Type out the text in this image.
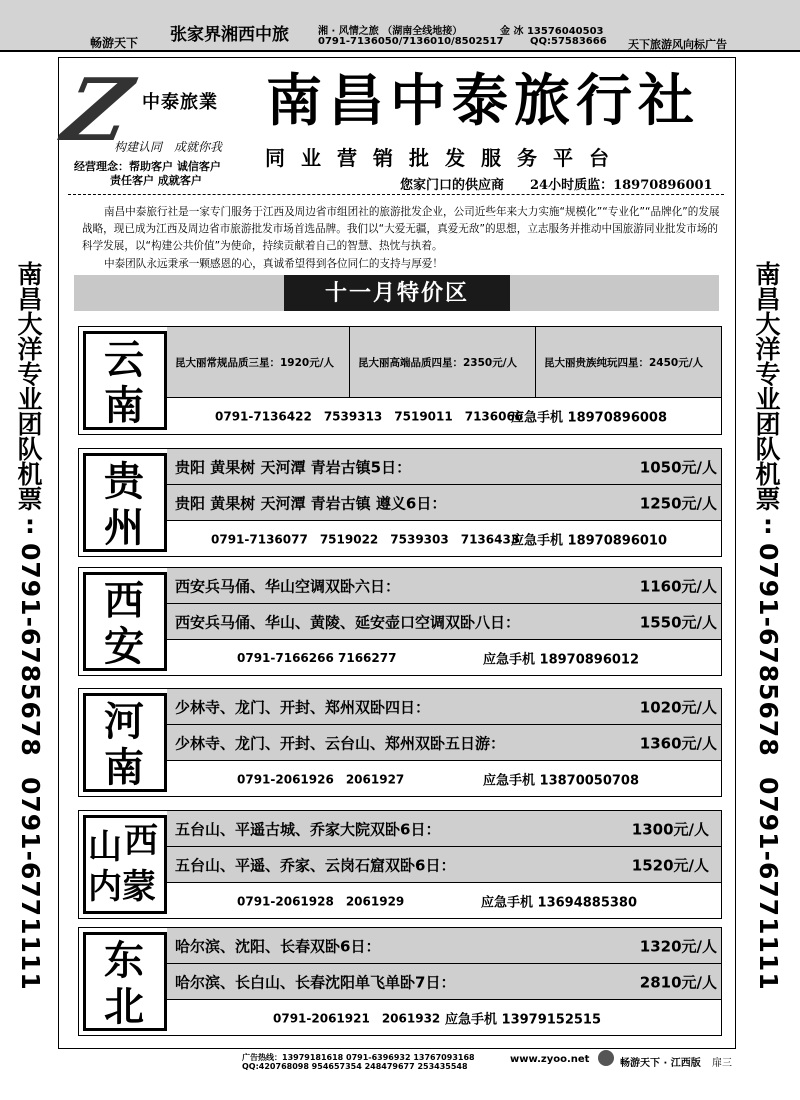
畅游天下 张家界湘西中旅	湘 · 风情之旅 （湖南全线地接）	金 冰 13576040503
0791-7136050/7136010/8502517	QQ:57583666 天下旅游风向标广告
Z 中泰旅業
构建认同　成就你我
经营理念：帮助客户 诚信客户
责任客户 成就客户
南昌中泰旅行社
同业营销批发服务平台
您家门口的供应商　　24小时质监：18970896001
南昌中泰旅行社是一家专门服务于江西及周边省市组团社的旅游批发企业，公司近些年来大力实施“规模化”“专业化”“品牌化”的发展战略，现已成为江西及周边省市旅游批发市场首选品牌。我们以“大爱无疆，真爱无敌”的思想，立志服务并推动中国旅游同业批发市场的科学发展，以“构建公共价值”为使命，持续贡献着自己的智慧、热忱与执着。
中泰团队永远秉承一颗感恩的心，真诚希望得到各位同仁的支持与厚爱！
南
昌
大
洋
专
业
团
队
机
票
:
0791-6785678
0791-6771111
南
昌
大
洋
专
业
团
队
机
票
:
0791-6785678
0791-6771111
十一月特价区
云
南
昆大丽常规品质三星：1920元/人 昆大丽高端品质四星：2350元/人	昆大丽贵族纯玩四星：2450元/人
0791-7136422　7539313　7519011　7136066
应急手机 18970896008
贵
州
贵阳 黄果树 天河潭 青岩古镇5日：	1050元/人
贵阳 黄果树 天河潭 青岩古镇 遵义6日：	1250元/人
0791-7136077　7519022　7539303　7136433
应急手机 18970896010
西
安
西安兵马俑、华山空调双卧六日：	1160元/人
西安兵马俑、华山、黄陵、延安壶口空调双卧八日：	1550元/人
0791-7166266 7166277	应急手机 18970896012
河
南
少林寺、龙门、开封、郑州双卧四日：	1020元/人
少林寺、龙门、开封、云台山、郑州双卧五日游：	1360元/人
0791-2061926　2061927	应急手机 13870050708
山 西
内蒙
五台山、平遥古城、乔家大院双卧6日：	1300元/人
五台山、平遥、乔家、云岗石窟双卧6日：	1520元/人
0791-2061928　2061929	应急手机 13694885380
东
北
哈尔滨、沈阳、长春双卧6日：	1320元/人
哈尔滨、长白山、长春沈阳单飞单卧7日：	2810元/人
0791-2061921　2061932 应急手机 13979152515
广告热线：13979181618 0791-6396932 13767093168
QQ:420768098 954657354 248479677 253435548
www.zyoo.net	畅游天下 · 江西版 扉三
